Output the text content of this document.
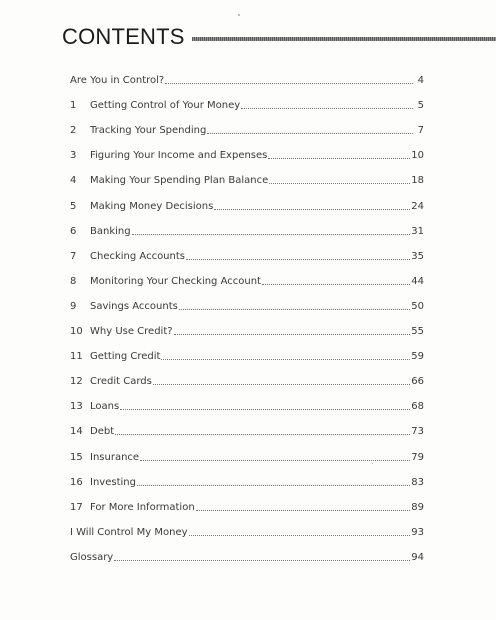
CONTENTS
Are You in Control?	4
1	Getting Control of Your Money	5
2	Tracking Your Spending	7
3	Figuring Your Income and Expenses	10
4	Making Your Spending Plan Balance	18
5	Making Money Decisions	24
6	Banking	31
7	Checking Accounts	35
8	Monitoring Your Checking Account	44
9	Savings Accounts	50
10 Why Use Credit?	55
11 Getting Credit	59
12 Credit Cards	66
13 Loans	68
14 Debt	73
15 Insurance	79
16 Investing	83
17 For More Information	89
I Will Control My Money	93
Glossary	94
